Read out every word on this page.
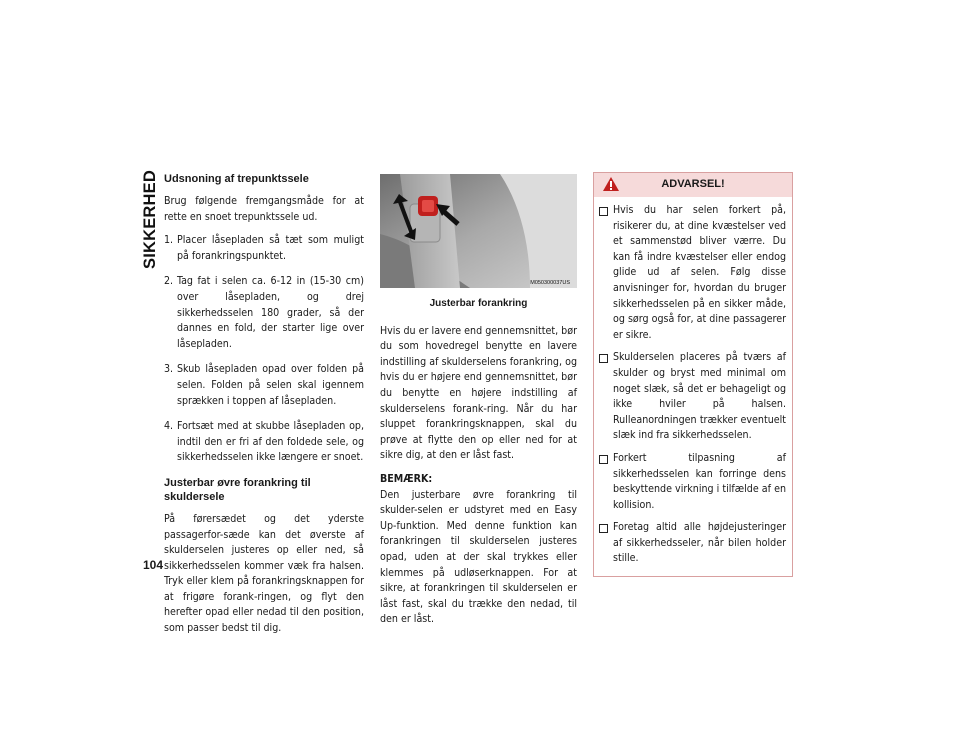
SIKKERHED
104
Udsnoning af trepunktssele

Brug følgende fremgangsmåde for at rette en snoet trepunktssele ud.

1. Placer låsepladen så tæt som muligt på forankringspunktet.
2. Tag fat i selen ca. 6-12 in (15-30 cm) over låsepladen, og drej sikkerhedsselen 180 grader, så der dannes en fold, der starter lige over låsepladen.
3. Skub låsepladen opad over folden på selen. Folden på selen skal igennem sprækken i toppen af låsepladen.
4. Fortsæt med at skubbe låsepladen op, indtil den er fri af den foldede sele, og sikkerhedsselen ikke længere er snoet.
Justerbar øvre forankring til skuldersele

På førersædet og det yderste passagerfor-sæde kan det øverste af skulderselen justeres op eller ned, så sikkerhedsselen kommer væk fra halsen. Tryk eller klem på forankringsknappen for at frigøre forank-ringen, og flyt den herefter opad eller nedad til den position, som passer bedst til dig.

M050300037US
Justerbar forankring

Hvis du er lavere end gennemsnittet, bør du som hovedregel benytte en lavere indstilling af skulderselens forankring, og hvis du er højere end gennemsnittet, bør du benytte en højere indstilling af skulderselens forank-ring. Når du har sluppet forankringsknappen, skal du prøve at flytte den op eller ned for at sikre dig, at den er låst fast.

BEMÆRK:

Den justerbare øvre forankring til skulder-selen er udstyret med en Easy Up-funktion. Med denne funktion kan forankringen til skulderselen justeres opad, uden at der skal trykkes eller klemmes på udløserknappen. For at sikre, at forankringen til skulderselen er låst fast, skal du trække den nedad, til den er låst.

ADVARSEL!
Hvis du har selen forkert på, risikerer du, at dine kvæstelser ved et sammenstød bliver værre. Du kan få indre kvæstelser eller endog glide ud af selen. Følg disse anvisninger for, hvordan du bruger sikkerhedsselen på en sikker måde, og sørg også for, at dine passagerer er sikre.
Skulderselen placeres på tværs af skulder og bryst med minimal om noget slæk, så det er behageligt og ikke hviler på halsen. Rulleanordningen trækker eventuelt slæk ind fra sikkerhedsselen.
Forkert tilpasning af sikkerhedsselen kan forringe dens beskyttende virkning i tilfælde af en kollision.
Foretag altid alle højdejusteringer af sikkerhedsseler, når bilen holder stille.
